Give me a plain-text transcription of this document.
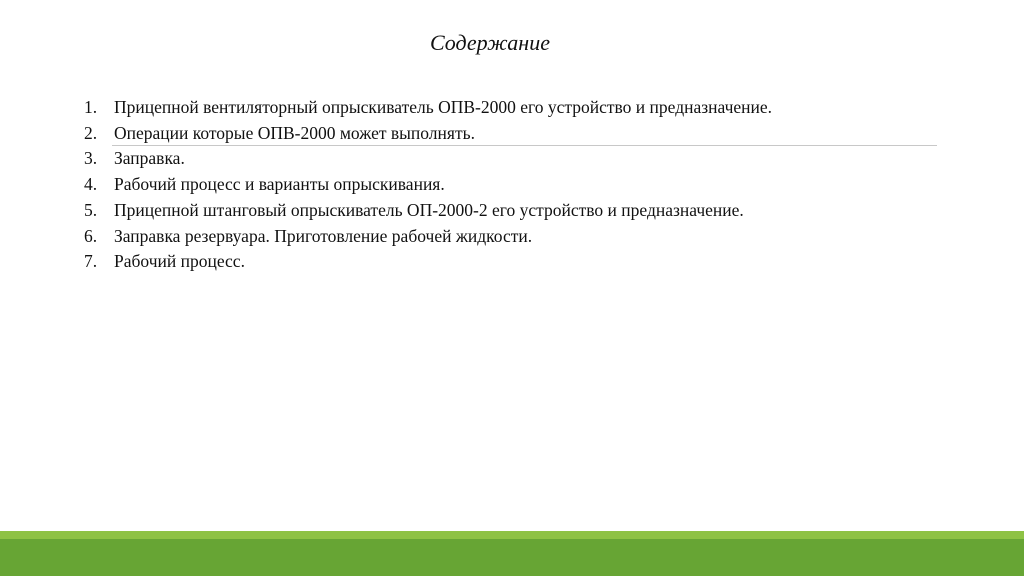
Содержание
1. Прицепной вентиляторный опрыскиватель ОПВ-2000 его устройство и предназначение.
2. Операции которые ОПВ-2000 может выполнять.
3. Заправка.
4. Рабочий процесс и варианты опрыскивания.
5. Прицепной штанговый опрыскиватель ОП-2000-2 его устройство и предназначение.
6. Заправка резервуара. Приготовление рабочей жидкости.
7. Рабочий процесс.
